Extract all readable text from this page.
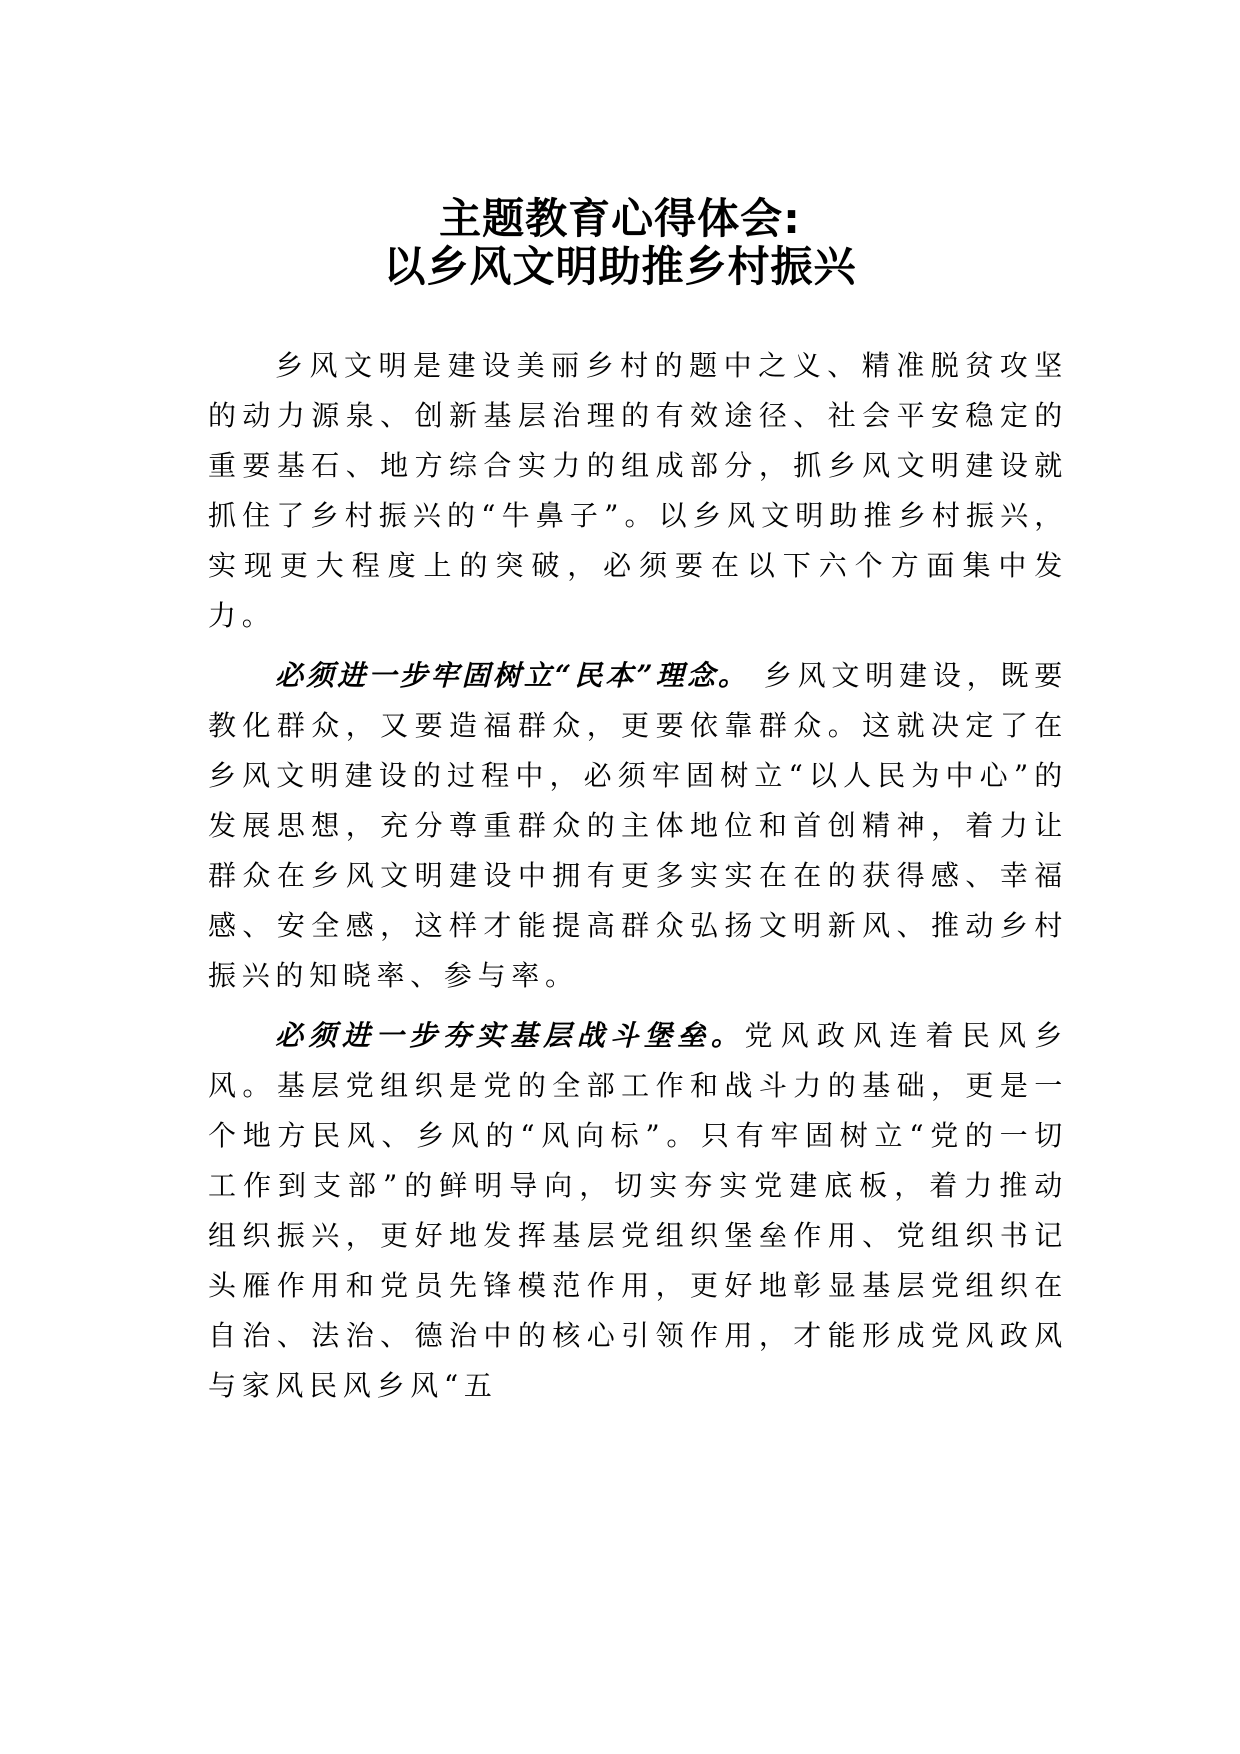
主题教育心得体会:
以乡风文明助推乡村振兴

乡风文明是建设美丽乡村的题中之义、精准脱贫攻坚的动力源泉、创新基层治理的有效途径、社会平安稳定的重要基石、地方综合实力的组成部分，抓乡风文明建设就抓住了乡村振兴的“牛鼻子”。以乡风文明助推乡村振兴，实现更大程度上的突破，必须要在以下六个方面集中发力。

必须进一步牢固树立“民本”理念。 乡风文明建设，既要教化群众，又要造福群众，更要依靠群众。这就决定了在乡风文明建设的过程中，必须牢固树立“以人民为中心”的发展思想，充分尊重群众的主体地位和首创精神，着力让群众在乡风文明建设中拥有更多实实在在的获得感、幸福感、安全感，这样才能提高群众弘扬文明新风、推动乡村振兴的知晓率、参与率。

必须进一步夯实基层战斗堡垒。党风政风连着民风乡风。基层党组织是党的全部工作和战斗力的基础，更是一个地方民风、乡风的“风向标”。只有牢固树立“党的一切工作到支部”的鲜明导向，切实夯实党建底板，着力推动组织振兴，更好地发挥基层党组织堡垒作用、党组织书记头雁作用和党员先锋模范作用，更好地彰显基层党组织在自治、法治、德治中的核心引领作用，才能形成党风政风与家风民风乡风“五
